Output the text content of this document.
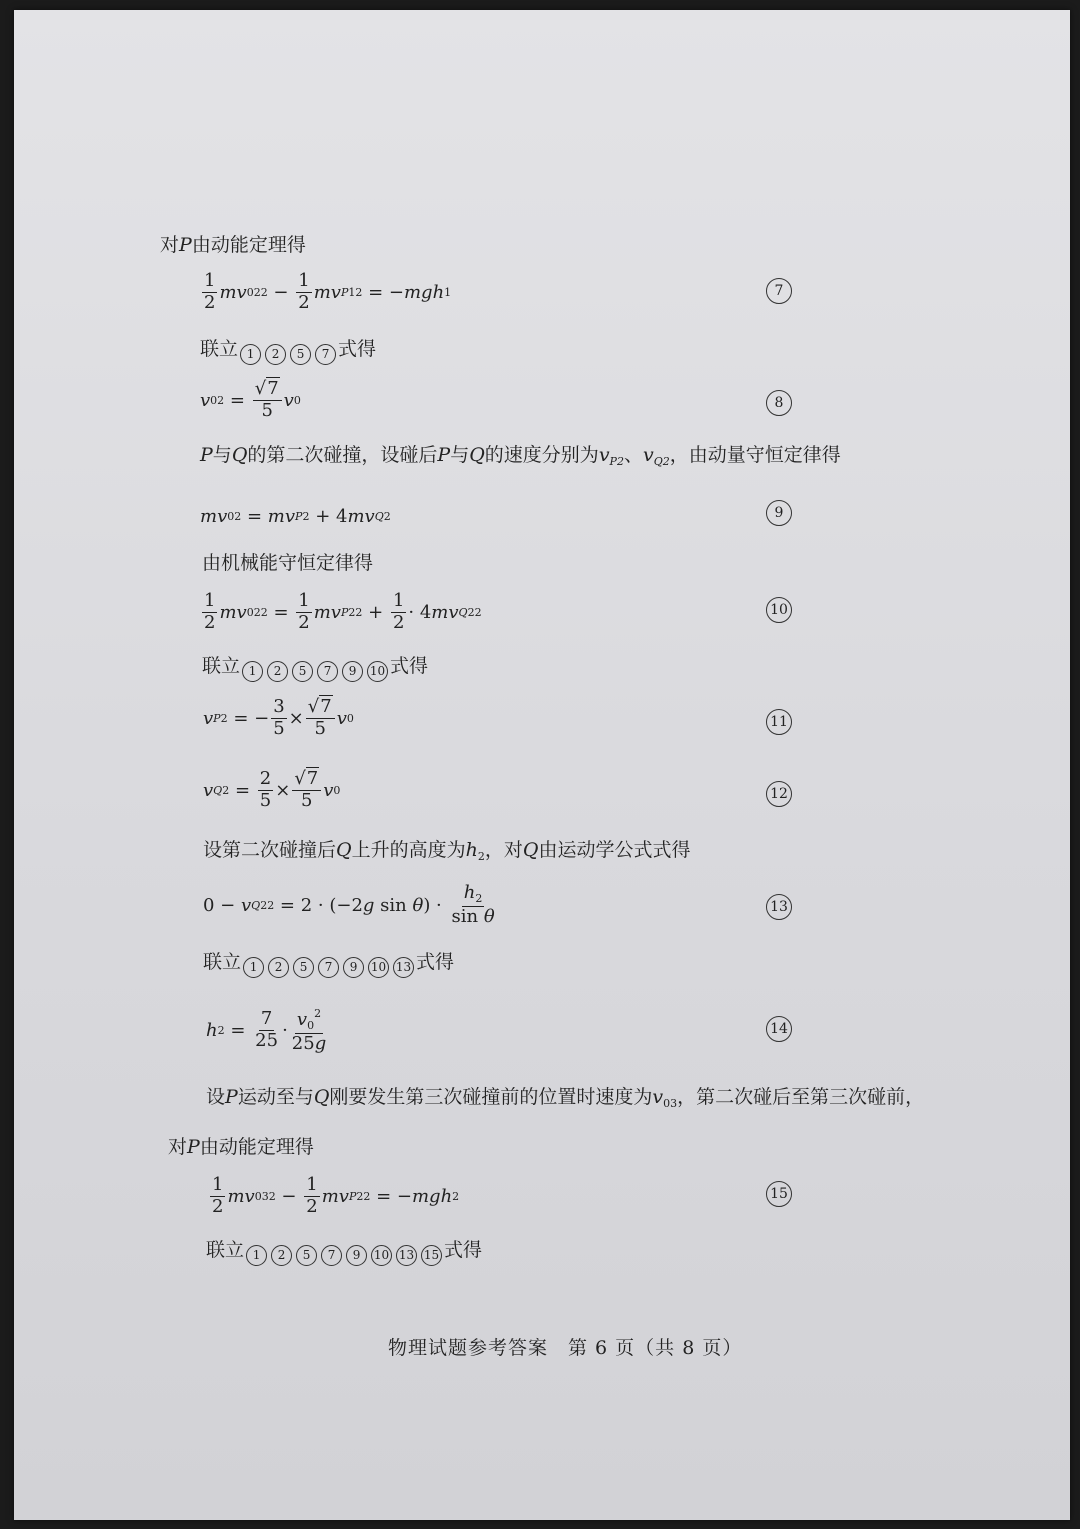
对P由动能定理得
$\frac{1}{2}$ mv 02 $2 - \frac{1}{2}$ mv P1 2
= −mgh 1	7
联立 1 2 5 7 式得
v 02
=
$\frac{√7}{5}$ v 0	8
P与Q的第二次碰撞，设碰后P与Q的速度分别为$v_{P2}$、$v_{Q2}$，由动量守恒定律得
mv 02
= mv P2
+ 4 mv Q2	9
由机械能守恒定律得
$\frac{1}{2}$ mv 02 2
=
$\frac{1}{2}$ mv P2 2
+
$\frac{1}{2} \cdot 4$ mv Q2 2	10
联立 1 2 5 7 9 10 式得
v P2
= − $\frac{3}{5} \times \frac{√7}{5}$ v 0	11
v Q2
=
$\frac{2}{5} \times \frac{√7}{5}$ v 0	12
设第二次碰撞后Q上升的高度为$h_2$，对Q由运动学公式式得
0 − v Q2 2
= 2 · (−2 g sin θ ) ·
$\frac{h_2}{\text{sin θ}}$	13
联立 1 2 5 7 9 10 13 式得
h 2
=
$\frac{7}{25} \cdot \frac{v_0^2}{25g}$	14
设P运动至与Q刚要发生第三次碰撞前的位置时速度为$v_{03}$，第二次碰后至第三次碰前，
对P由动能定理得
$\frac{1}{2}$ mv 03 $2 - \frac{1}{2}$ mv P2 2
= −mgh 2	15
联立 1 2 5 7 9 10 13 15 式得
物理试题参考答案　第 6 页（共 8 页）
